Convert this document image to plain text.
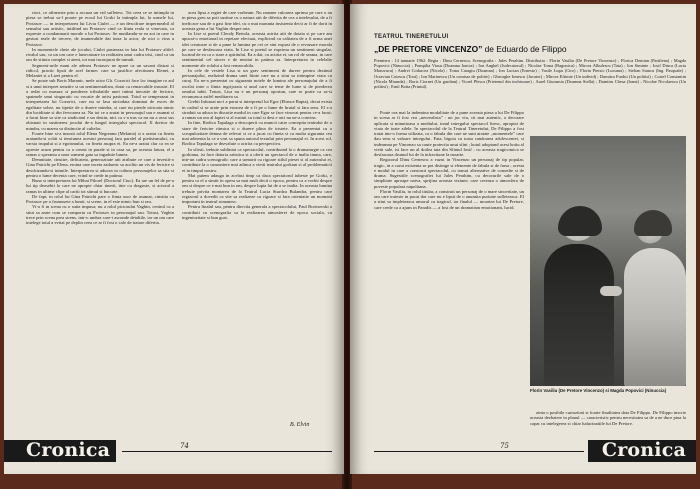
rioci, ce afirmeste prin a accuza un vid sufletesc. Tot ceea ce se intimpla in piesa se trebui sa-l poarte pe ecoul lui Gorki la intimpla lui, la urmele lui, Protasov — in interpretarea lui Liviu Ciulei — e un descifrare impermeabil al sensului sau artistic, intiltind un Protasov cind ca fiinta reala si vinovata, ca expresie a condamnarii morale a lui Protasov. Se mutilandu-se ea aoi in care in gesturi reale de trecere, de inumerabile dat intra la actor, de nici o vina a Protasov.

In momentele cheie ale jocului, Ciulei pastreaza in fata lui Protasov altfel: rivalul sau, ca un om care e lunecatoare in realitatea unui cadru trist, cind ca un om de stiinta complet si atent, tot mai inconjurat de tumult.

Segment-urile mani ale adesea Protasov ne apare ca un savant distrat si ridicol, practic lipsit de acel farmec care sa justifice afectiunea Elenei, a Melaniei si a Lizei pentru el.

Se poate sub Boris Maranic, mele actor Gh. Cozorici face loc imagine ro aul si a unui interpret senzitiv si un sentimentalism, dotat cu remarcabile insusiri. El a redat cu masura si ponderea tribulatiile unei intimi inecatie de fericire, spaimele unui singuratic cu vocatie de artist pasionat. Totul se temperazat in interpretarea lui Cozorici, care nu se lasa niciodata dominat de exces de egalitate sobre, nu tipetie de o durere mindra, si care nu pierde nicioata nimic din luciditate si din fervoarea sa. Nu tot ce a aratat in personajul sau e asumat si a facut bine sa stie ca sindicatul e un destin, nici ca s-a tras ca nu nu a avut sus obisnuit in sustinerea jocului de-a lungul intregului spectacol. Il doritor de mindra, cu marea sa distinctie al cultelor.

Foarte bine si-a insusit rolul Elena Negreanu (Melania) si a aratat cu fineta aratandu-si ochii si tensiunea acestui personaj fara paralel al pietisismului, cu varsta trupului si a egoismului, cu fineta asupra ei. Ea ne-a aratat clar ca ea se opreste acum pentru ca a crezut in parale si in casa sa, pe aceasta latura, el a ramas o speranta a unor oameni gata sa ingaduie lumea.

Demnitate, cinstire, delicateta, generozitate atit atribute ce care a investit-o Gina Patrichi pe Elena, eroina care inceta zadarnic sa acolito un vis de fericire si deschizandu-si inimile. Interpretarea si aducea in cultura personajelor sa stia si pentru o lume decenta care, vrind se crede in patima.

Buna si interpretarea lui Mihai Pilorel (Doctorul Ciuc). Ea are un fel de pe-a lui tip deosebit la care ne apropie chiar tinerii, tine cu dragoste, si actorul a ramas in ultime clipe al cartii tot stimul si bucurie.

De fapt, in rolul lui Gina Patrichi pare o fiinta usor de asumat, cinstita cu Protasov pe o frumusete a lumii, si scene, in el este nimic bun si rau.

Vi-a fi in scena cu o suita impusa; nu a rolul pictorului Vaghin, centrul ca a stiut sa arate cum se comporta cu Protasov in personajul sau. Totusi, Vaghin trece prin scena prea strens, intr-o umbra care-i ascunde detaliile, iar un om care intelege totul a evitat pe deplin ceea ce ar fi fost o cale de tratare diferita.

acea lipsa a regiei de care vorbeam. Nu ramane culoarea aprinsa pe care o au in piesa greu sa poti sustine cu o natura atit de diferita de cea a intelesului, de a fi ineficace sau de a gasi fine idei, cu o mai marunta insistenta decit ar fi de dorit in aceasta gena a lui Vaghin despre arta.

In Lise si poetul Cleody Bertola, aceasta actrita atit de dotata si pe care am apucat-o emotional in repetare efectuat, explicind cu calitatea de a fi urma unei idei creatoare si de a pune la lumina pe cei ce sint expusi de o revarsare morala pe care se desfasoara viata. In Lise si poetul se exprima un sentiment singular, lucrind de ea ca o stare a spiritului. Ea a dat, cu actrita ei, un rol de seama, in care sentimentul cel sincer e de neuitat in patima sa. Interpretarea in celelalte momente ale rolului a fost remarcabila.

In cele de vestele Lisa si un grav sentiment de durere pentru destinul personajului, realizind drama unei fiinte care nu a stiut sa intimpine viata cu curaj. Ea ne-a prezentat cu siguranta notele de lumina ale personajului de a fi oscilat intre o fiinta ingrijorata si unul care se teme de lume si de pierderea omului iubit. Totusi, Lisa nu e un personaj oportun, care se poate ca sa-si recunoasca astfel meditarea sa.

Grebit Infuruat nu-i a parut si interpretul lui Egor (Ebruce Bapta), decat exista in cadrul si se arate prin eroarea de a fi pe o lume de brutal si fara sens. El s-a straduit sa aduca in discutie modul in care Egor se face vinovat pentru ce-a facut: a ramas un om al faptei si al rusinii cu totul si desi e aici nu ne-a convins.

In fine, Rodica Tapalaga a descoperit cu muncii catre conceptia teatrului de o stare de fericire ritmica si o durere plina de tristete. Ea a prezentat cu o scrupulozitate demna de relevat si ce a jucat cu fineta si cu multa siguranta cea mai aderenta la ce a vrut sa spuna autorul textului prin personajul ei. In acest rol, Rodica Tapalaga se dezvaluie o actrita cu perspectiva.

In sfirsit, trebuie subliniat ca spectacolul, contribuind la o dramaturgie ca cea gorkiana, isi face datoria artistica si a oferit un spectacol de o inalta tinuta, care, intr-un cadru scenografic care a urmarit cu rigoare stilul piesei si al autorului ei, contribuie la o cunoastere mai adinca a vietii teatrului gorkian si al problematicii ei in timpul nostru.

Mai putem adauga in acelasi timp ca daca spectatorul iubeste pe Gorki, e pentru ca el a simtit in opera sa mai mult decit o epoca, pentru ca a vorbit despre om si despre ce e mai bun in om, despre lupta lui de a se inalta. In aceasta lumina trebuie privita montarea de la Teatrul Lucia Sturdza Bulandra, pentru care regizorul a dovedit ca stie sa realizeze cu rigoare si fara ostentatie un moment important in teatrul romanesc.

Pentru finalul sau, pentru directia generala a spectacolului, Paul Bortnovski a contribuit cu scenografia sa la realizarea atmosferei de epoca sociala, cu ingeniozitate si bun gust.

B. Elvin
Cronica	74
TEATRUL TINERETULUI
„DE PRETORE VINCENZO” de Eduardo de Filippo
Premiera : 14 ianuarie 1962. Regia : Dinu Cernescu. Scenografia : Jules Perahim. Distributia : Florin Vasiliu (De Pretore Vincenzo) ; Florica Demian (Partilena) ; Magda Popovici (Ninuccia) ; Pompilia Viasu (Doamna Ionica) ; Ion Anghel (Judecatorul) ; Nicolae Toma (Bagonicu) ; Mircea Albulescu (Tata) ; Ion Siminie ; Iosif Dinca (Lucia Maruvacu) ; Andrei Codarcea (Nicola) ; Toma Caragiu (Doamna) ; Ion Lucian (Ernesto) ; Vasile Lupu (Ciro) ; Florin Piersic (Lucuma) ; Stelian Stancu (Ing. Pasquale) ; Octavian Cotescu (Toni) ; Ion Marinescu (Un comisar de politie) ; Gheorghe Ionescu (Jucator) ; Mircea Eftimie (Un individ) ; Dumitru Furdui (Un politist) ; Costel Constantin (Nicola Miranda) ; Boris Ciornei (Un gardian) ; Viorel Plesca (Prietenul din inchisoare) ; Aurel Giurumia (Doamna Stella) ; Dumitru Chesa (Ionut) ; Nicolae Nicolaescu (Un politist) ; Emil Botta (Printul).

Poate cea mai la indemina modalitate de a pune aceasta piesa a lui De Filippo in scena ar fi fost cea „neorealista” : un joc viu, cit mai autentic, o decorare aplicata si minutioasa a mediului, tonul intregului spectacol firesc, apropiat de viata de toate zilele. In spectacolul de la Teatrul Tineretului, De Filippo a fost tratat intr-o forma stilizata, ca o fabula din care ne sunt aratate „momentele” care dau sens si valoare intregului. Fata, bigota cu toata candoarea adolescentei, si indeamna pe Vincenzo sa caute protectia unui sfint ; hotul adoptand acest hotiu al vietii sale, isi face un al doilea tata din Sfintul Iosif ; cu aceasta tragicomica se desfasoara drumul lui de la infractiune la moarte.

Regizorul Dinu Cernescu a vazut in Vincenzo un personaj de tip popular, tragic, in a carui existenta se pot distinge si elemente de fabula si de farsa ; acesta e modul in care a construit spectacolul, cu tonuri alternative de comedie si de drama. Sugestiile scenografiei lui Jules Perahim, cu decorurile sale de o simplitate aproape naiva, sprijina aceasta viziune, care creeaza o atmosfera de poveste populara napolitana.

Florin Vasiliu, in rolul titular, a construit un personaj de o mare sinceritate, un om care traieste in pacat dar care nu e lipsit de o anumita puritate sufleteasca. El a stiut sa impleteasca umorul cu tragicul, iar finalul — moartea lui De Pretore, care crede ca a ajuns in Paradis — a fost de un dramatism emotionant, lucid.

Florin Vasiliu (De Pretore Vincenzo) si Magda Popovici (Ninuccia)

zinta o posibile curiozitati si foarte finalitatea data De Filippo. De Filippo inscrie aceasta dezbatere in planul — caracteristic pentru necesitatea sa de a ne duce pina la capat cu intelegerea si chiar halucinatiile lui De Pretore.

75	Cronica
